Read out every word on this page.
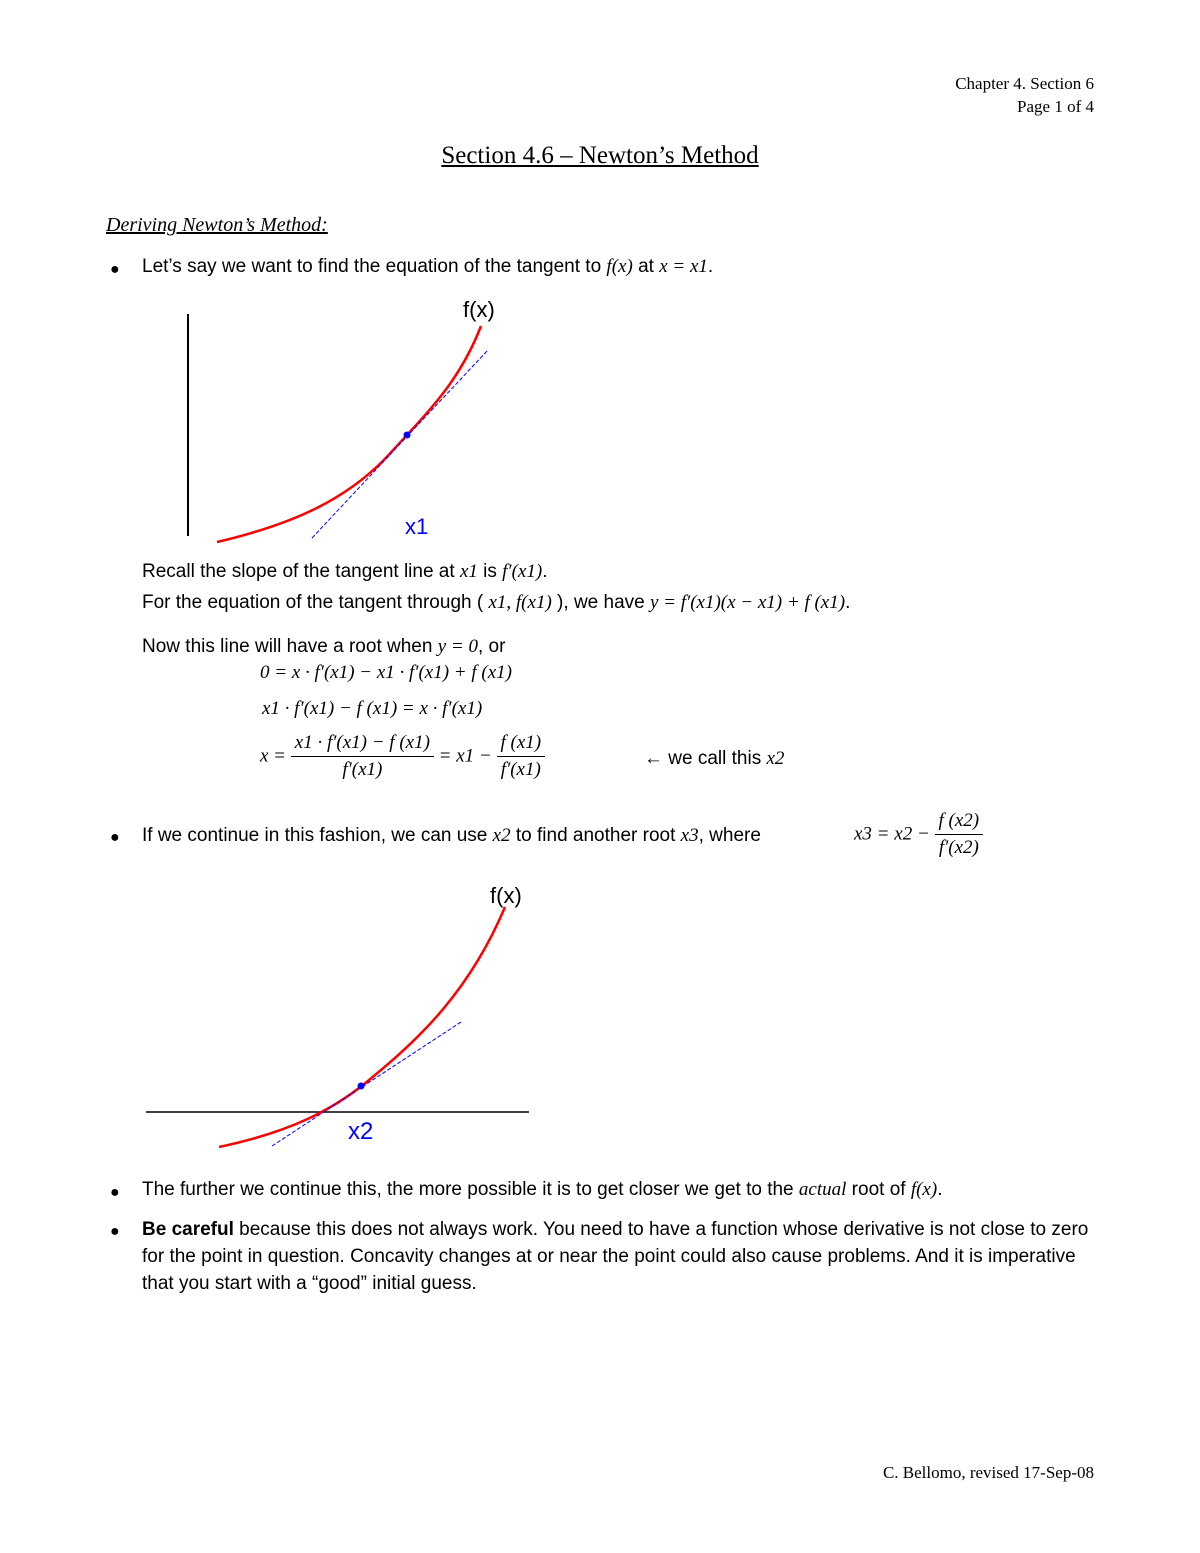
Chapter 4. Section 6
Page 1 of 4
Section 4.6 – Newton’s Method
Deriving Newton’s Method:
● Let’s say we want to find the equation of the tangent to f(x) at x = x1.
f(x)
x1
Recall the slope of the tangent line at x1 is f′(x1).
For the equation of the tangent through ( x1, f(x1) ), we have y = f′(x1)(x − x1) + f (x1).
Now this line will have a root when y = 0, or
0 = x · f′(x1) − x1 · f′(x1) + f (x1)
x1 · f′(x1) − f (x1) = x · f′(x1)
$x = \frac{x1 \cdot f'(x1) - f (x1)}{f'(x1)} = x1 - \frac{f (x1)}{f'(x1)}$	← we call this x2
● If we continue in this fashion, we can use x2 to find another root x3, where	$x3 = x2 - \frac{f (x2)}{f'(x2)}$
f(x)
x2
● The further we continue this, the more possible it is to get closer we get to the actual root of f(x).
● Be careful because this does not always work. You need to have a function whose derivative is not close to zero for the point in question. Concavity changes at or near the point could also cause problems. And it is imperative that you start with a “good” initial guess.
C. Bellomo, revised 17-Sep-08
